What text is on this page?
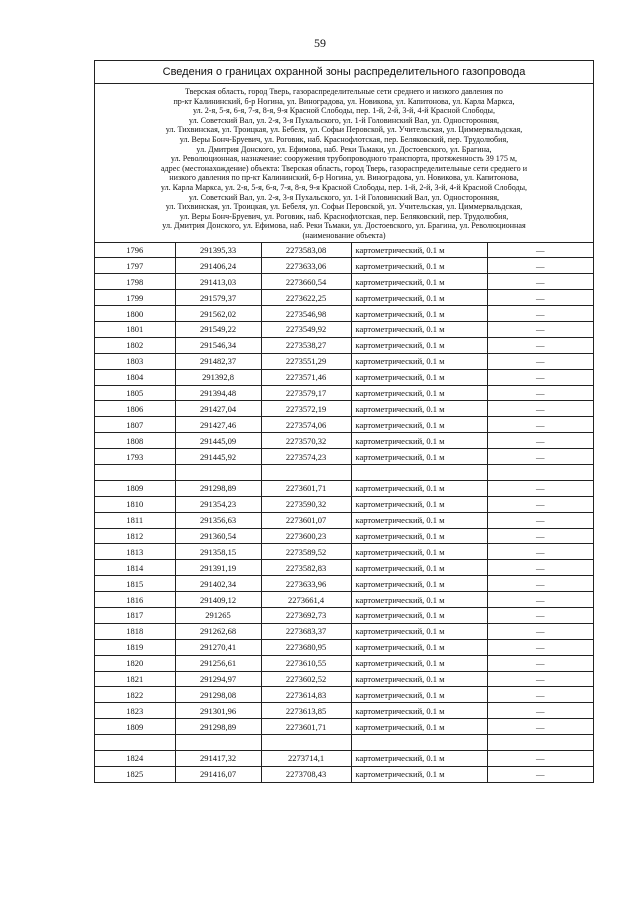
59
Сведения о границах охранной зоны распределительного газопровода
Тверская область, город Тверь, газораспределительные сети среднего и низкого давления по
пр-кт Калининский, б-р Ногина, ул. Виноградова, ул. Новикова, ул. Капитонова, ул. Карла Маркса,
ул. 2-я, 5-я, 6-я, 7-я, 8-я, 9-я Красной Слободы, пер. 1-й, 2-й, 3-й, 4-й Красной Слободы,
ул. Советский Вал, ул. 2-я, 3-я Пухальского, ул. 1-й Головинский Вал, ул. Односторонняя,
ул. Тихвинская, ул. Троицкая, ул. Бебеля, ул. Софьи Перовской, ул. Учительская, ул. Циммервальдская,
ул. Веры Бонч-Бруевич, ул. Роговик, наб. Краснофлотская, пер. Беляковский, пер. Трудолюбия,
ул. Дмитрия Донского, ул. Ефимова, наб. Реки Тьмаки, ул. Достоевского, ул. Брагина,
ул. Революционная, назначение: сооружения трубопроводного транспорта, протяженность 39 175 м,
адрес (местонахождение) объекта: Тверская область, город Тверь, газораспределительные сети среднего и
низкого давления по пр-кт Калининский, б-р Ногина, ул. Виноградова, ул. Новикова, ул. Капитонова,
ул. Карла Маркса, ул. 2-я, 5-я, 6-я, 7-я, 8-я, 9-я Красной Слободы, пер. 1-й, 2-й, 3-й, 4-й Красной Слободы,
ул. Советский Вал, ул. 2-я, 3-я Пухальского, ул. 1-й Головинский Вал, ул. Односторонняя,
ул. Тихвинская, ул. Троицкая, ул. Бебеля, ул. Софьи Перовской, ул. Учительская, ул. Циммервальдская,
ул. Веры Бонч-Бруевич, ул. Роговик, наб. Краснофлотская, пер. Беляковский, пер. Трудолюбия,
ул. Дмитрия Донского, ул. Ефимова, наб. Реки Тьмаки, ул. Достоевского, ул. Брагина, ул. Революционная
(наименование объекта)
1796	291395,33	2273583,08	картометрический, 0.1 м	—
1797	291406,24	2273633,06	картометрический, 0.1 м	—
1798	291413,03	2273660,54	картометрический, 0.1 м	—
1799	291579,37	2273622,25	картометрический, 0.1 м	—
1800	291562,02	2273546,98	картометрический, 0.1 м	—
1801	291549,22	2273549,92	картометрический, 0.1 м	—
1802	291546,34	2273538,27	картометрический, 0.1 м	—
1803	291482,37	2273551,29	картометрический, 0.1 м	—
1804	291392,8	2273571,46	картометрический, 0.1 м	—
1805	291394,48	2273579,17	картометрический, 0.1 м	—
1806	291427,04	2273572,19	картометрический, 0.1 м	—
1807	291427,46	2273574,06	картометрический, 0.1 м	—
1808	291445,09	2273570,32	картометрический, 0.1 м	—
1793	291445,92	2273574,23	картометрический, 0.1 м	—

1809	291298,89	2273601,71	картометрический, 0.1 м	—
1810	291354,23	2273590,32	картометрический, 0.1 м	—
1811	291356,63	2273601,07	картометрический, 0.1 м	—
1812	291360,54	2273600,23	картометрический, 0.1 м	—
1813	291358,15	2273589,52	картометрический, 0.1 м	—
1814	291391,19	2273582,83	картометрический, 0.1 м	—
1815	291402,34	2273633,96	картометрический, 0.1 м	—
1816	291409,12	2273661,4	картометрический, 0.1 м	—
1817	291265	2273692,73	картометрический, 0.1 м	—
1818	291262,68	2273683,37	картометрический, 0.1 м	—
1819	291270,41	2273680,95	картометрический, 0.1 м	—
1820	291256,61	2273610,55	картометрический, 0.1 м	—
1821	291294,97	2273602,52	картометрический, 0.1 м	—
1822	291298,08	2273614,83	картометрический, 0.1 м	—
1823	291301,96	2273613,85	картометрический, 0.1 м	—
1809	291298,89	2273601,71	картометрический, 0.1 м	—

1824	291417,32	2273714,1	картометрический, 0.1 м	—
1825	291416,07	2273708,43	картометрический, 0.1 м	—
